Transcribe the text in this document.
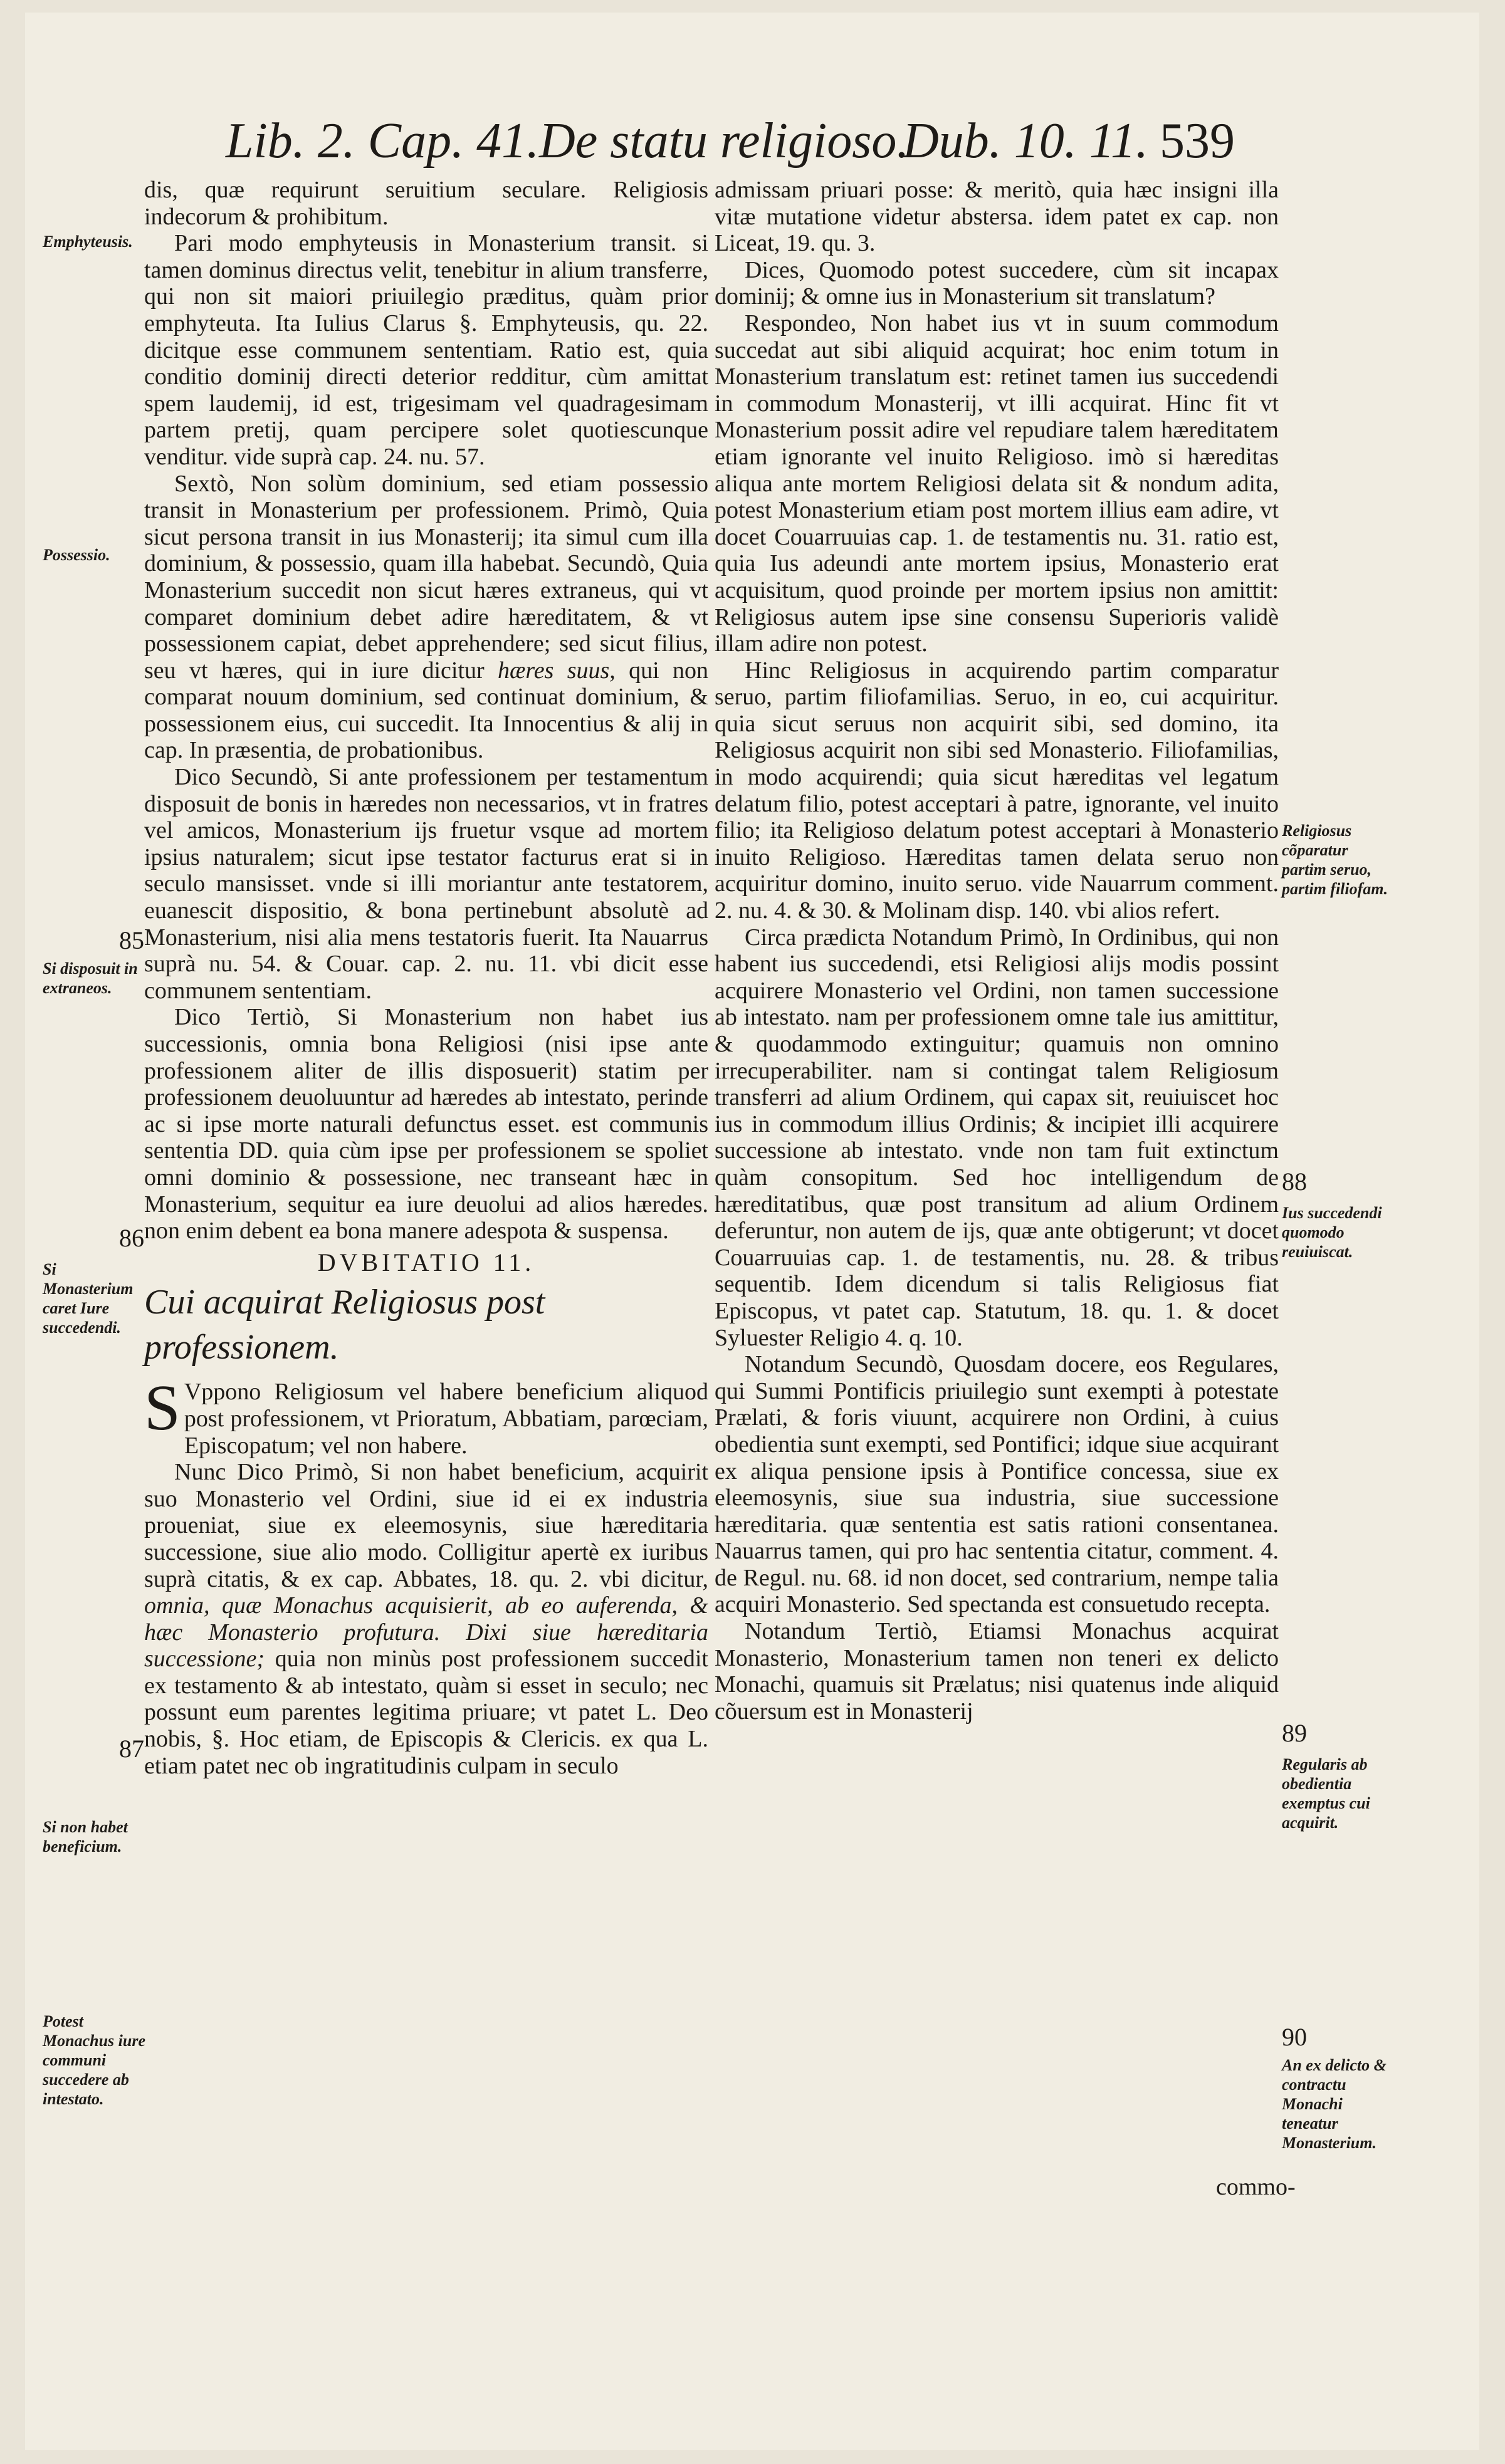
Lib. 2. Cap. 41. De statu religioso.
Dub. 10. 11. 539
Emphyteusis.
Possessio.
85
Si disposuit in extraneos.
86
Si Monasterium caret Iure succedendi.
87
Si non habet beneficium.
Potest Monachus iure communi succedere ab intestato.
Religiosus cõparatur partim seruo, partim filiofam.
88
Ius succedendi quomodo reuiuiscat.
89
Regularis ab obedientia exemptus cui acquirit.
90
An ex delicto & contractu Monachi teneatur Monasterium.

dis, quæ requirunt seruitium seculare. Religiosis indecorum & prohibitum.

Pari modo emphyteusis in Monasterium transit. si tamen dominus directus velit, tenebitur in alium transferre, qui non sit maiori priuilegio præditus, quàm prior emphyteuta. Ita Iulius Clarus §. Emphyteusis, qu. 22. dicitque esse communem sententiam. Ratio est, quia conditio dominij directi deterior redditur, cùm amittat spem laudemij, id est, trigesimam vel quadragesimam partem pretij, quam percipere solet quotiescunque venditur. vide suprà cap. 24. nu. 57.

Sextò, Non solùm dominium, sed etiam possessio transit in Monasterium per professionem. Primò, Quia sicut persona transit in ius Monasterij; ita simul cum illa dominium, & possessio, quam illa habebat. Secundò, Quia Monasterium succedit non sicut hæres extraneus, qui vt comparet dominium debet adire hæreditatem, & vt possessionem capiat, debet apprehendere; sed sicut filius, seu vt hæres, qui in iure dicitur hæres suus, qui non comparat nouum dominium, sed continuat dominium, & possessionem eius, cui succedit. Ita Innocentius & alij in cap. In præsentia, de probationibus.

Dico Secundò, Si ante professionem per testamentum disposuit de bonis in hæredes non necessarios, vt in fratres vel amicos, Monasterium ijs fruetur vsque ad mortem ipsius naturalem; sicut ipse testator facturus erat si in seculo mansisset. vnde si illi moriantur ante testatorem, euanescit dispositio, & bona pertinebunt absolutè ad Monasterium, nisi alia mens testatoris fuerit. Ita Nauarrus suprà nu. 54. & Couar. cap. 2. nu. 11. vbi dicit esse communem sententiam.

Dico Tertiò, Si Monasterium non habet ius successionis, omnia bona Religiosi (nisi ipse ante professionem aliter de illis disposuerit) statim per professionem deuoluuntur ad hæredes ab intestato, perinde ac si ipse morte naturali defunctus esset. est communis sententia DD. quia cùm ipse per professionem se spoliet omni dominio & possessione, nec transeant hæc in Monasterium, sequitur ea iure deuolui ad alios hæredes. non enim debent ea bona manere adespota & suspensa.

DVBITATIO 11.
Cui acquirat Religiosus post professionem.

S Vppono Religiosum vel habere beneficium aliquod post professionem, vt Prioratum, Abbatiam, parœciam, Episcopatum; vel non habere.

Nunc Dico Primò, Si non habet beneficium, acquirit suo Monasterio vel Ordini, siue id ei ex industria proueniat, siue ex eleemosynis, siue hæreditaria successione, siue alio modo. Colligitur apertè ex iuribus suprà citatis, & ex cap. Abbates, 18. qu. 2. vbi dicitur, omnia, quæ Monachus acquisierit, ab eo auferenda, & hæc Monasterio profutura. Dixi siue hæreditaria successione; quia non minùs post professionem succedit ex testamento & ab intestato, quàm si esset in seculo; nec possunt eum parentes legitima priuare; vt patet L. Deo nobis, §. Hoc etiam, de Episcopis & Clericis. ex qua L. etiam patet nec ob ingratitudinis culpam in seculo

admissam priuari posse: & meritò, quia hæc insigni illa vitæ mutatione videtur abstersa. idem patet ex cap. non Liceat, 19. qu. 3.

Dices, Quomodo potest succedere, cùm sit incapax dominij; & omne ius in Monasterium sit translatum?

Respondeo, Non habet ius vt in suum commodum succedat aut sibi aliquid acquirat; hoc enim totum in Monasterium translatum est: retinet tamen ius succedendi in commodum Monasterij, vt illi acquirat. Hinc fit vt Monasterium possit adire vel repudiare talem hæreditatem etiam ignorante vel inuito Religioso. imò si hæreditas aliqua ante mortem Religiosi delata sit & nondum adita, potest Monasterium etiam post mortem illius eam adire, vt docet Couarruuias cap. 1. de testamentis nu. 31. ratio est, quia Ius adeundi ante mortem ipsius, Monasterio erat acquisitum, quod proinde per mortem ipsius non amittit: Religiosus autem ipse sine consensu Superioris validè illam adire non potest.

Hinc Religiosus in acquirendo partim comparatur seruo, partim filiofamilias. Seruo, in eo, cui acquiritur. quia sicut seruus non acquirit sibi, sed domino, ita Religiosus acquirit non sibi sed Monasterio. Filiofamilias, in modo acquirendi; quia sicut hæreditas vel legatum delatum filio, potest acceptari à patre, ignorante, vel inuito filio; ita Religioso delatum potest acceptari à Monasterio inuito Religioso. Hæreditas tamen delata seruo non acquiritur domino, inuito seruo. vide Nauarrum comment. 2. nu. 4. & 30. & Molinam disp. 140. vbi alios refert.

Circa prædicta Notandum Primò, In Ordinibus, qui non habent ius succedendi, etsi Religiosi alijs modis possint acquirere Monasterio vel Ordini, non tamen successione ab intestato. nam per professionem omne tale ius amittitur, & quodammodo extinguitur; quamuis non omnino irrecuperabiliter. nam si contingat talem Religiosum transferri ad alium Ordinem, qui capax sit, reuiuiscet hoc ius in commodum illius Ordinis; & incipiet illi acquirere successione ab intestato. vnde non tam fuit extinctum quàm consopitum. Sed hoc intelligendum de hæreditatibus, quæ post transitum ad alium Ordinem deferuntur, non autem de ijs, quæ ante obtigerunt; vt docet Couarruuias cap. 1. de testamentis, nu. 28. & tribus sequentib. Idem dicendum si talis Religiosus fiat Episcopus, vt patet cap. Statutum, 18. qu. 1. & docet Syluester Religio 4. q. 10.

Notandum Secundò, Quosdam docere, eos Regulares, qui Summi Pontificis priuilegio sunt exempti à potestate Prælati, & foris viuunt, acquirere non Ordini, à cuius obedientia sunt exempti, sed Pontifici; idque siue acquirant ex aliqua pensione ipsis à Pontifice concessa, siue ex eleemosynis, siue sua industria, siue successione hæreditaria. quæ sententia est satis rationi consentanea. Nauarrus tamen, qui pro hac sententia citatur, comment. 4. de Regul. nu. 68. id non docet, sed contrarium, nempe talia acquiri Monasterio. Sed spectanda est consuetudo recepta.

Notandum Tertiò, Etiamsi Monachus acquirat Monasterio, Monasterium tamen non teneri ex delicto Monachi, quamuis sit Prælatus; nisi quatenus inde aliquid cõuersum est in Monasterij

commo-
